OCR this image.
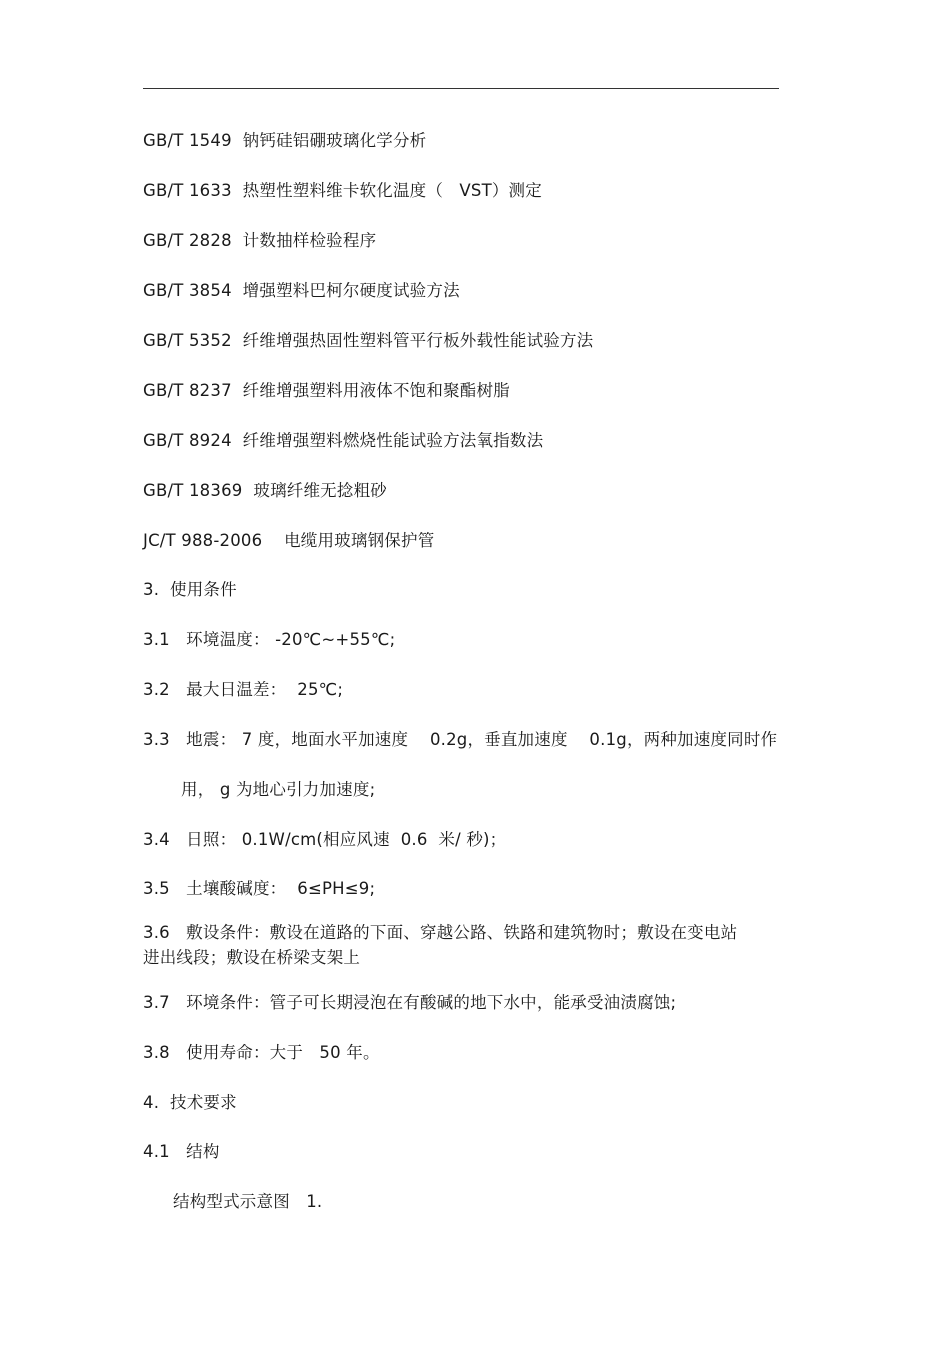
GB/T 1549  钠钙硅铝硼玻璃化学分析
GB/T 1633  热塑性塑料维卡软化温度（   VST）测定
GB/T 2828  计数抽样检验程序
GB/T 3854  增强塑料巴柯尔硬度试验方法
GB/T 5352  纤维增强热固性塑料管平行板外载性能试验方法
GB/T 8237  纤维增强塑料用液体不饱和聚酯树脂
GB/T 8924  纤维增强塑料燃烧性能试验方法氧指数法
GB/T 18369  玻璃纤维无捻粗砂
JC/T 988-2006    电缆用玻璃钢保护管
3.  使用条件
3.1   环境温度： -20℃~+55℃;
3.2   最大日温差：  25℃;
3.3   地震： 7 度，地面水平加速度    0.2g，垂直加速度    0.1g，两种加速度同时作
用， g 为地心引力加速度;
3.4   日照： 0.1W/cm(相应风速  0.6  米/ 秒)；
3.5   土壤酸碱度：  6≤PH≤9;
3.6   敷设条件：敷设在道路的下面、穿越公路、铁路和建筑物时；敷设在变电站
进出线段；敷设在桥梁支架上
3.7   环境条件：管子可长期浸泡在有酸碱的地下水中，能承受油渍腐蚀;
3.8   使用寿命：大于   50 年。
4.  技术要求
4.1   结构
结构型式示意图   1.
